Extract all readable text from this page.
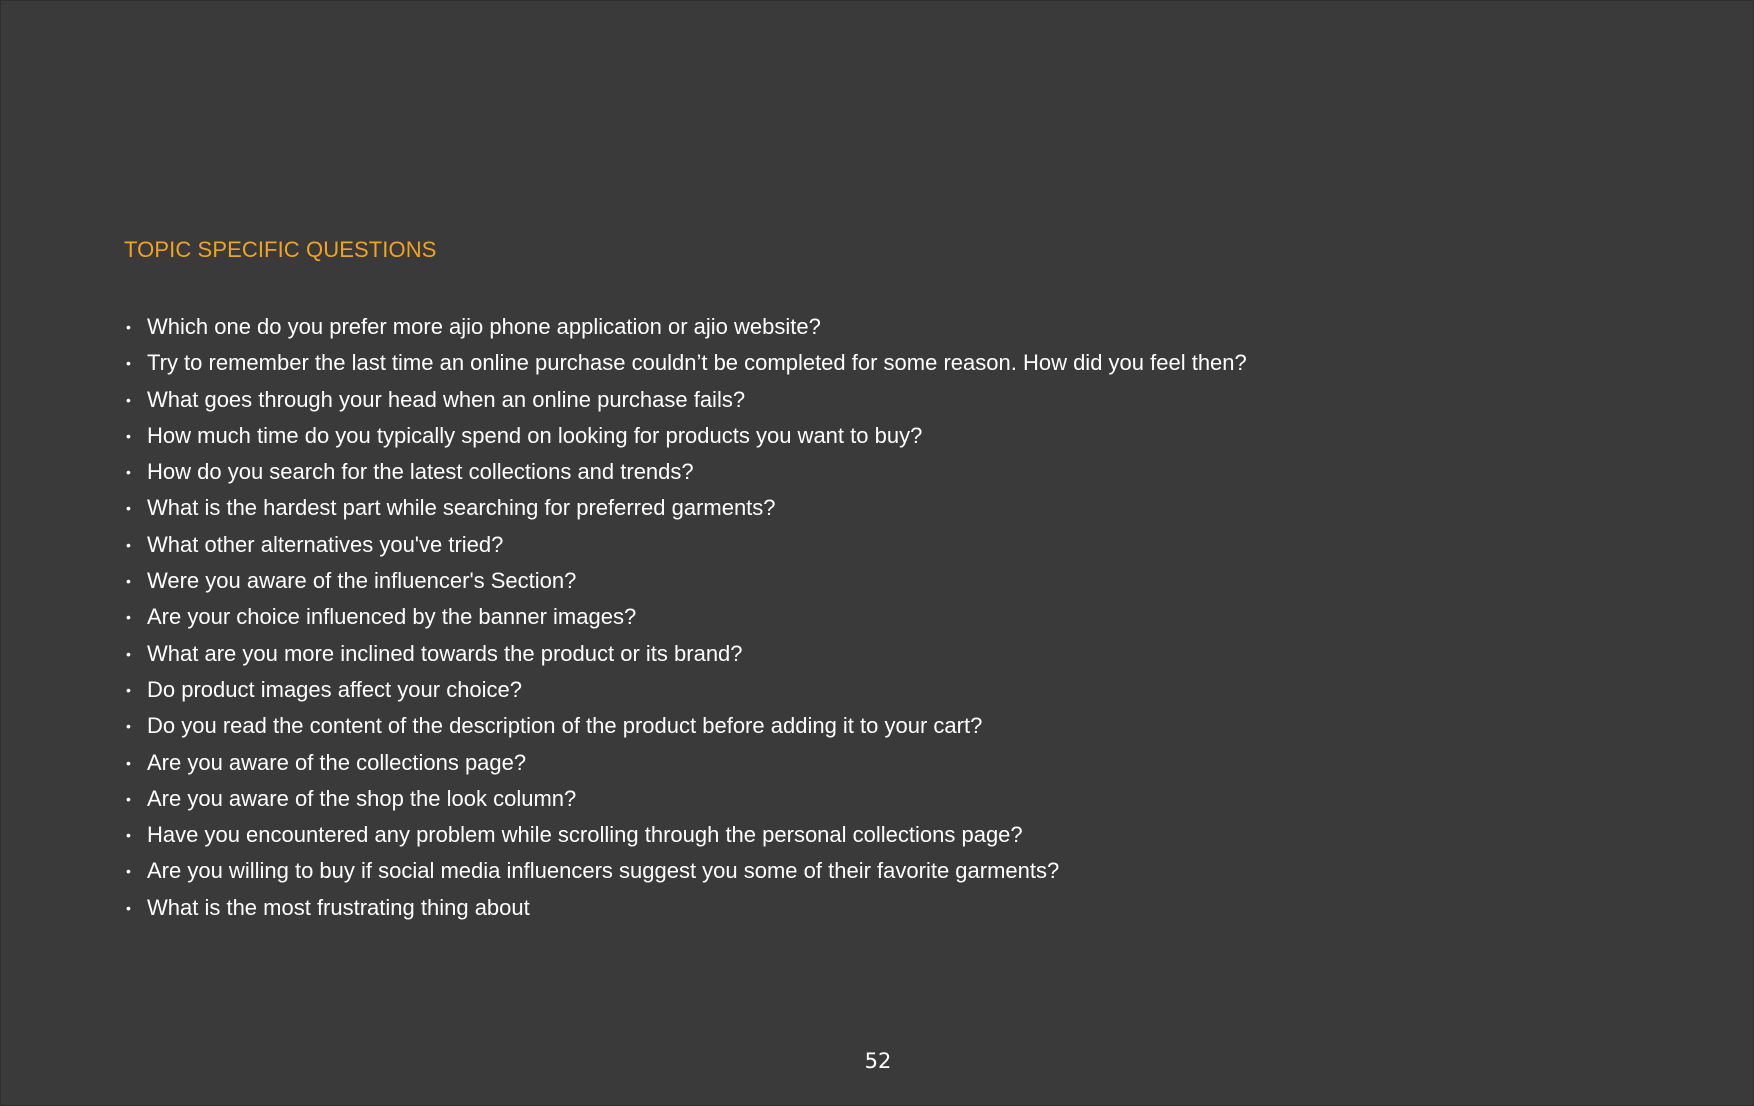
TOPIC SPECIFIC QUESTIONS
• Which one do you prefer more ajio phone application or ajio website?
• Try to remember the last time an online purchase couldn’t be completed for some reason. How did you feel then?
• What goes through your head when an online purchase fails?
• How much time do you typically spend on looking for products you want to buy?
• How do you search for the latest collections and trends?
• What is the hardest part while searching for preferred garments?
• What other alternatives you've tried?
• Were you aware of the influencer's Section?
• Are your choice influenced by the banner images?
• What are you more inclined towards the product or its brand?
• Do product images affect your choice?
• Do you read the content of the description of the product before adding it to your cart?
• Are you aware of the collections page?
• Are you aware of the shop the look column?
• Have you encountered any problem while scrolling through the personal collections page?
• Are you willing to buy if social media influencers suggest you some of their favorite garments?
• What is the most frustrating thing about
52
